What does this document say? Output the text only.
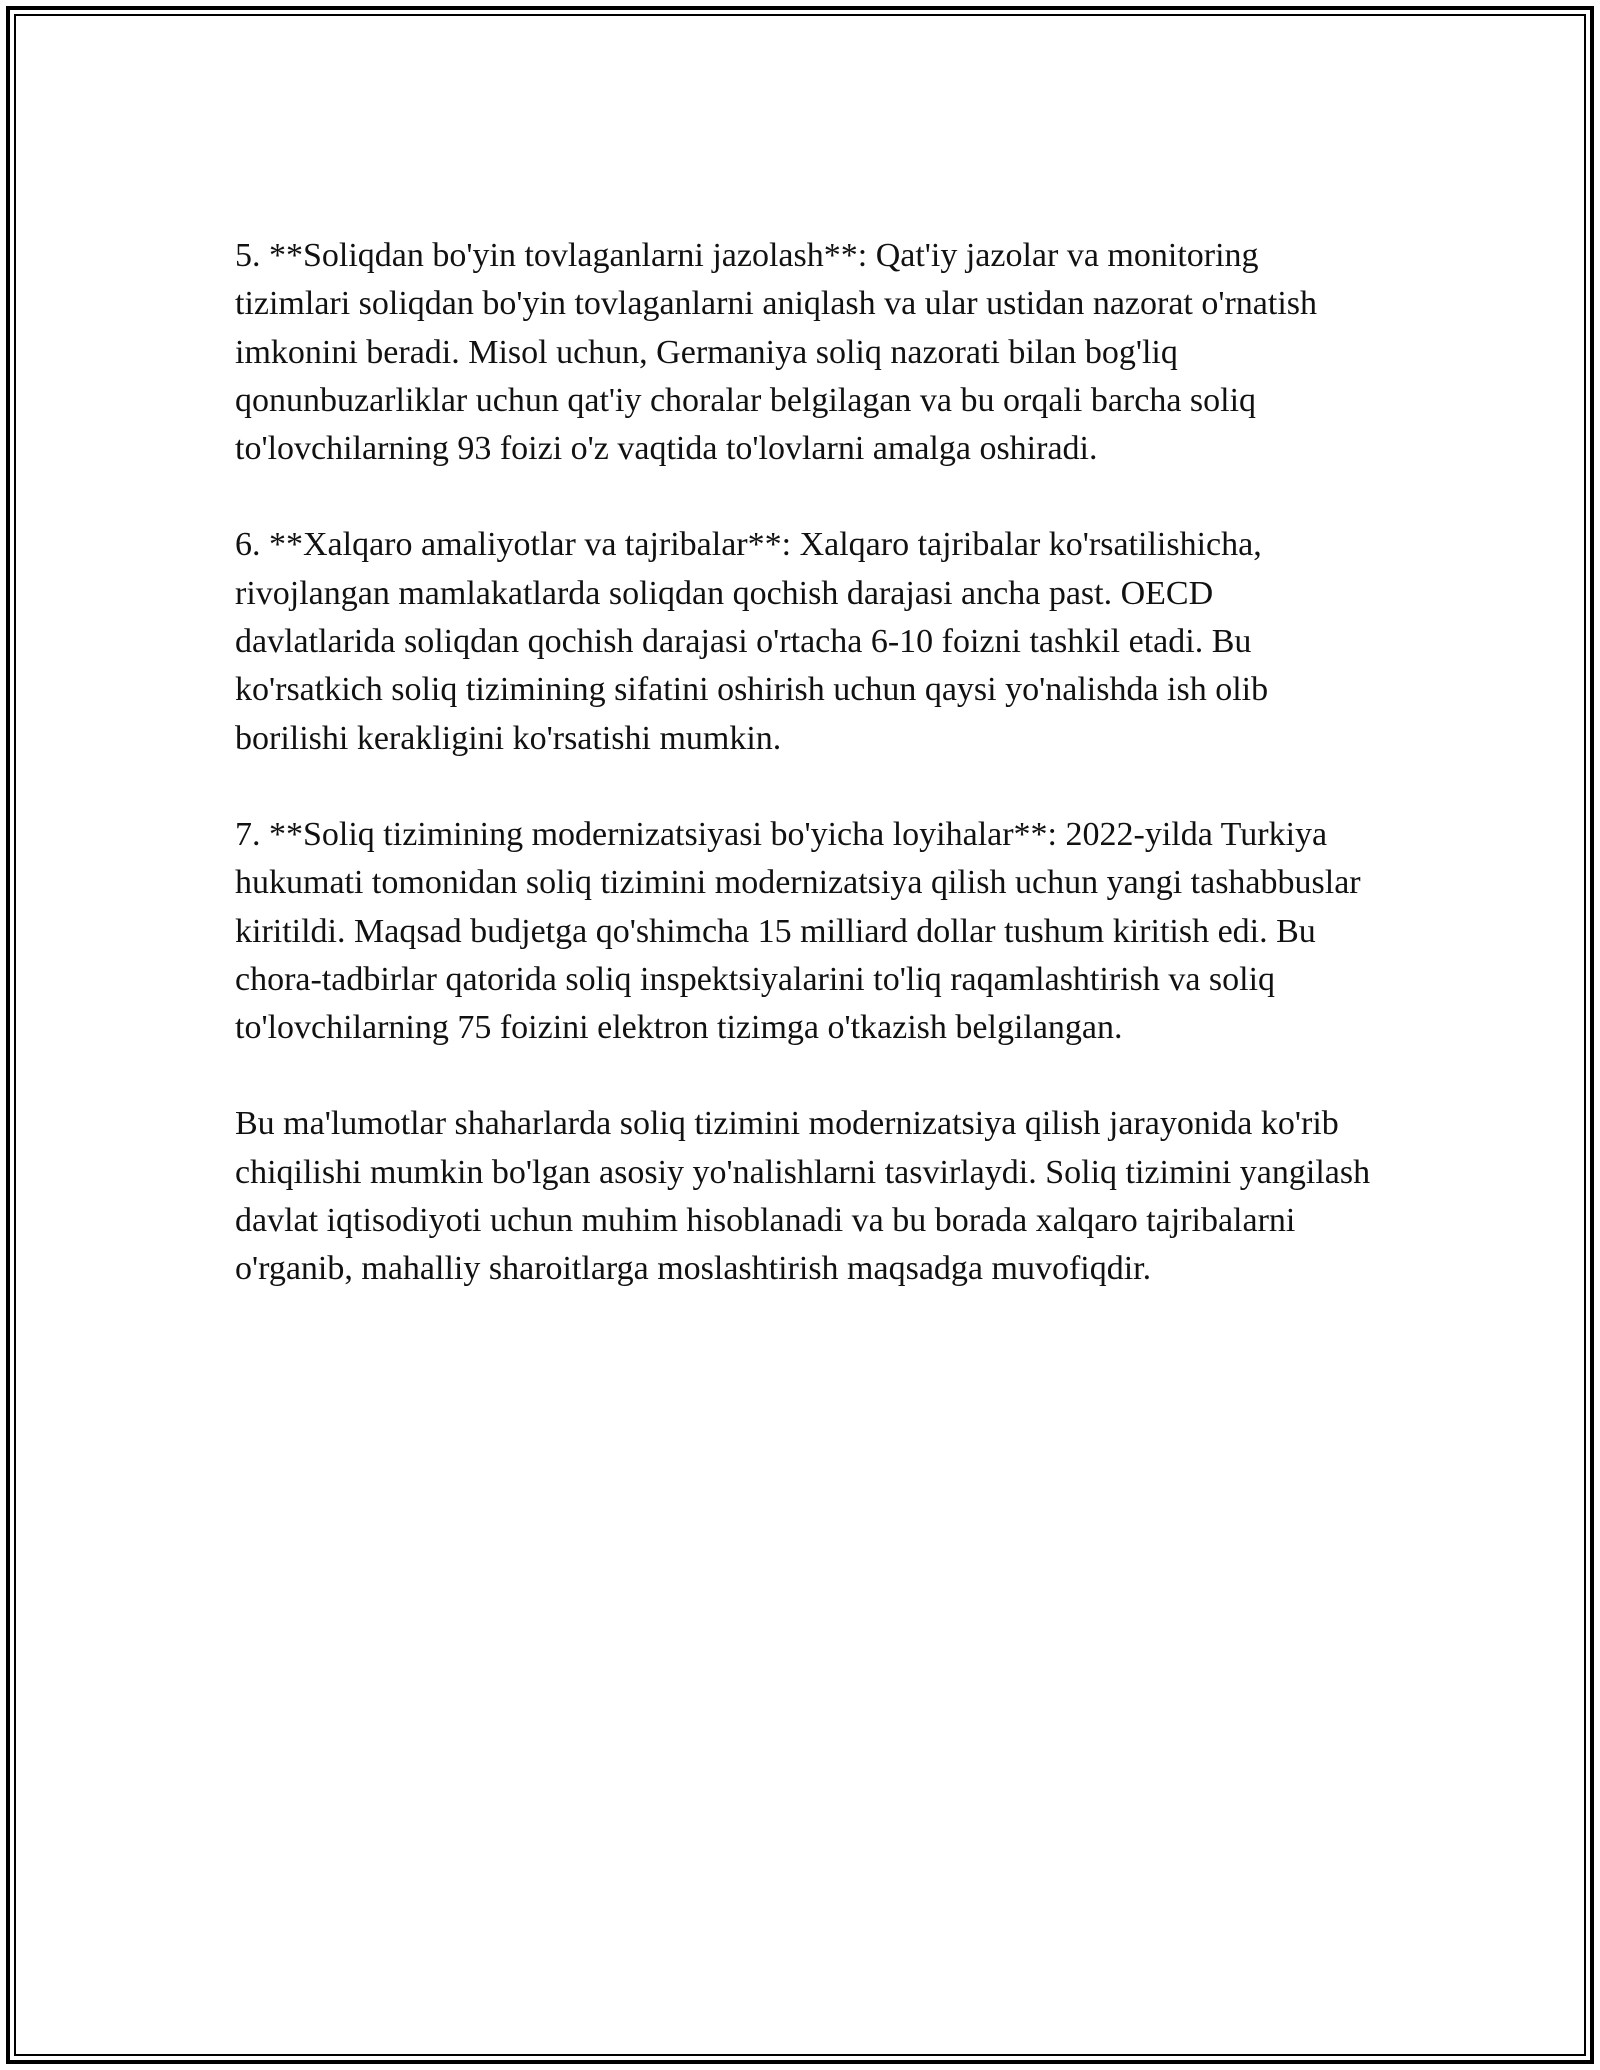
5. **Soliqdan bo'yin tovlaganlarni jazolash**: Qat'iy jazolar va monitoring tizimlari soliqdan bo'yin tovlaganlarni aniqlash va ular ustidan nazorat o'rnatish imkonini beradi. Misol uchun, Germaniya soliq nazorati bilan bog'liq qonunbuzarliklar uchun qat'iy choralar belgilagan va bu orqali barcha soliq to'lovchilarning 93 foizi o'z vaqtida to'lovlarni amalga oshiradi.

6. **Xalqaro amaliyotlar va tajribalar**: Xalqaro tajribalar ko'rsatilishicha, rivojlangan mamlakatlarda soliqdan qochish darajasi ancha past. OECD davlatlarida soliqdan qochish darajasi o'rtacha 6-10 foizni tashkil etadi. Bu ko'rsatkich soliq tizimining sifatini oshirish uchun qaysi yo'nalishda ish olib borilishi kerakligini ko'rsatishi mumkin.

7. **Soliq tizimining modernizatsiyasi bo'yicha loyihalar**: 2022-yilda Turkiya hukumati tomonidan soliq tizimini modernizatsiya qilish uchun yangi tashabbuslar kiritildi. Maqsad budjetga qo'shimcha 15 milliard dollar tushum kiritish edi. Bu chora-tadbirlar qatorida soliq inspektsiyalarini to'liq raqamlashtirish va soliq to'lovchilarning 75 foizini elektron tizimga o'tkazish belgilangan.

Bu ma'lumotlar shaharlarda soliq tizimini modernizatsiya qilish jarayonida ko'rib chiqilishi mumkin bo'lgan asosiy yo'nalishlarni tasvirlaydi. Soliq tizimini yangilash davlat iqtisodiyoti uchun muhim hisoblanadi va bu borada xalqaro tajribalarni o'rganib, mahalliy sharoitlarga moslashtirish maqsadga muvofiqdir.
